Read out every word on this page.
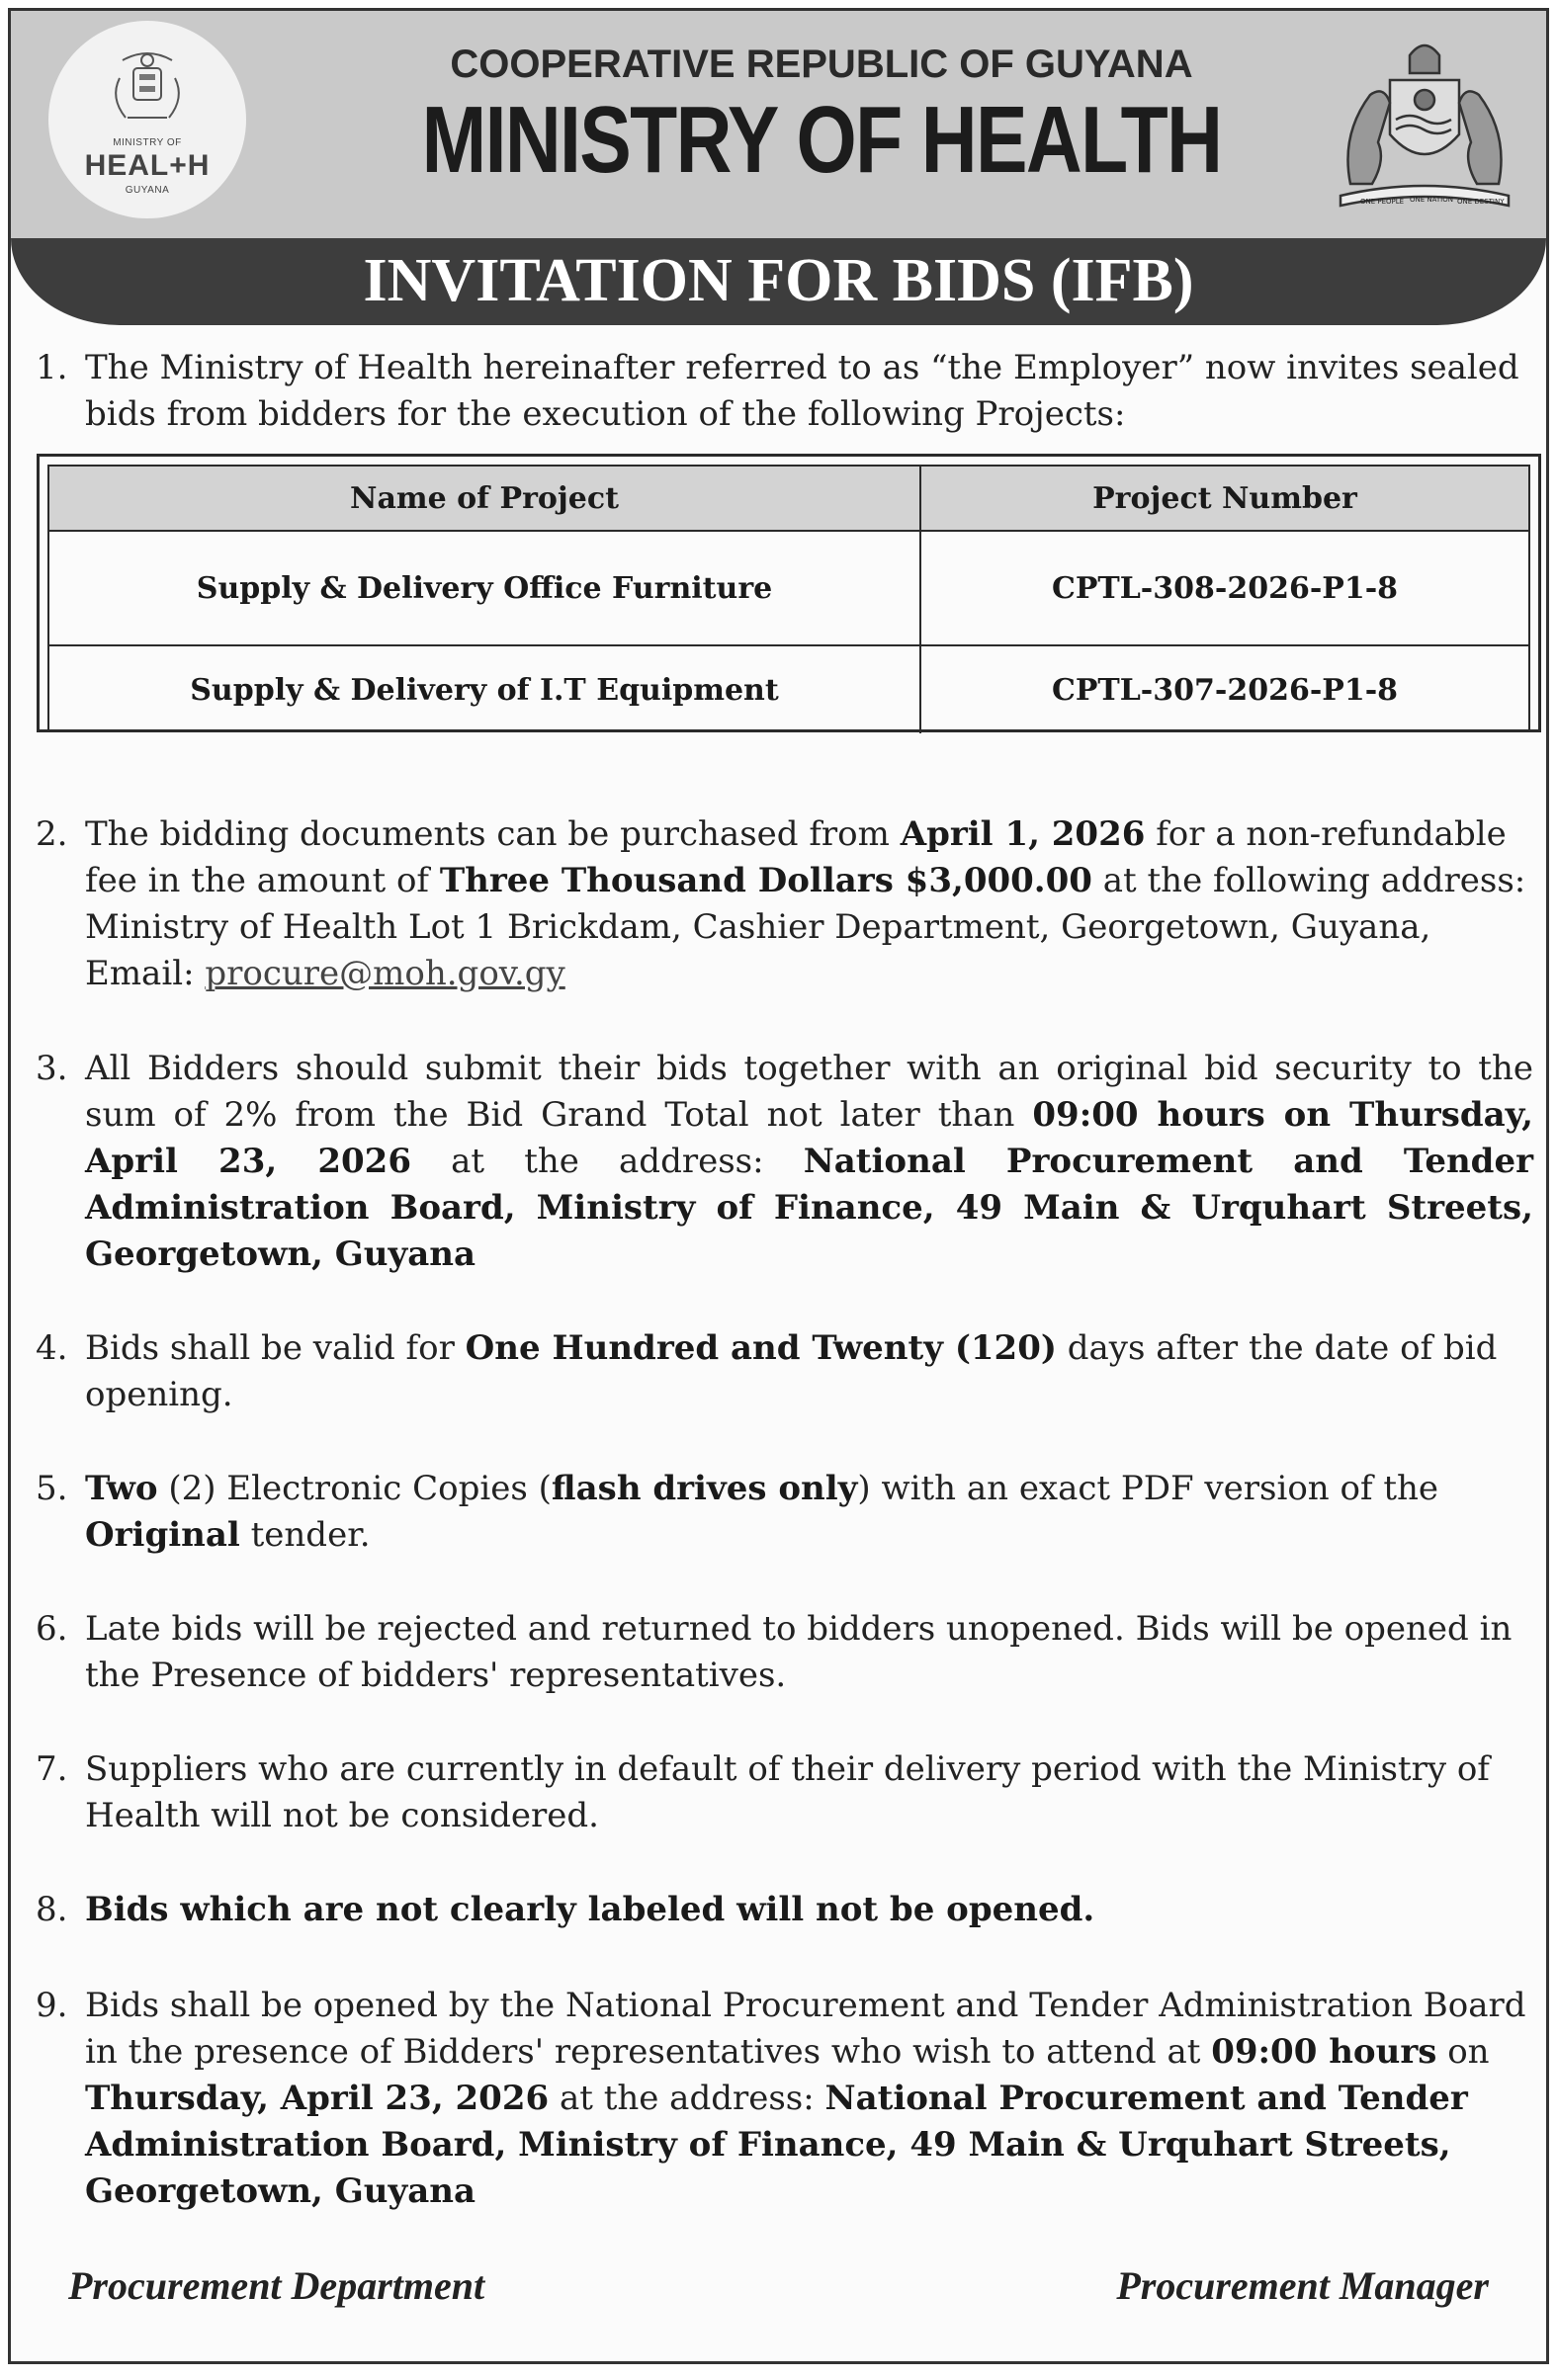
MINISTRY OF
HEAL+H
GUYANA
COOPERATIVE REPUBLIC OF GUYANA
MINISTRY OF HEALTH
ONE PEOPLE ONE NATION ONE DESTINY
INVITATION FOR BIDS (IFB)
1. The Ministry of Health hereinafter referred to as “the Employer” now invites sealed bids from bidders for the execution of the following Projects:
Name of Project	Project Number
Supply & Delivery Office Furniture	CPTL-308-2026-P1-8
Supply & Delivery of I.T Equipment	CPTL-307-2026-P1-8
2. The bidding documents can be purchased from April 1, 2026 for a non-refundable fee in the amount of Three Thousand Dollars $3,000.00 at the following address: Ministry of Health Lot 1 Brickdam, Cashier Department, Georgetown, Guyana, Email: procure@moh.gov.gy
3. All Bidders should submit their bids together with an original bid security to the sum of 2% from the Bid Grand Total not later than 09:00 hours on Thursday, April 23, 2026 at the address: National Procurement and Tender Administration Board, Ministry of Finance, 49 Main & Urquhart Streets, Georgetown, Guyana
4. Bids shall be valid for One Hundred and Twenty (120) days after the date of bid opening.
5. Two (2) Electronic Copies (flash drives only) with an exact PDF version of the Original tender.
6. Late bids will be rejected and returned to bidders unopened. Bids will be opened in the Presence of bidders' representatives.
7. Suppliers who are currently in default of their delivery period with the Ministry of Health will not be considered.
8. Bids which are not clearly labeled will not be opened.
9. Bids shall be opened by the National Procurement and Tender Administration Board in the presence of Bidders' representatives who wish to attend at 09:00 hours on Thursday, April 23, 2026 at the address: National Procurement and Tender Administration Board, Ministry of Finance, 49 Main & Urquhart Streets, Georgetown, Guyana
Procurement Department	Procurement Manager
